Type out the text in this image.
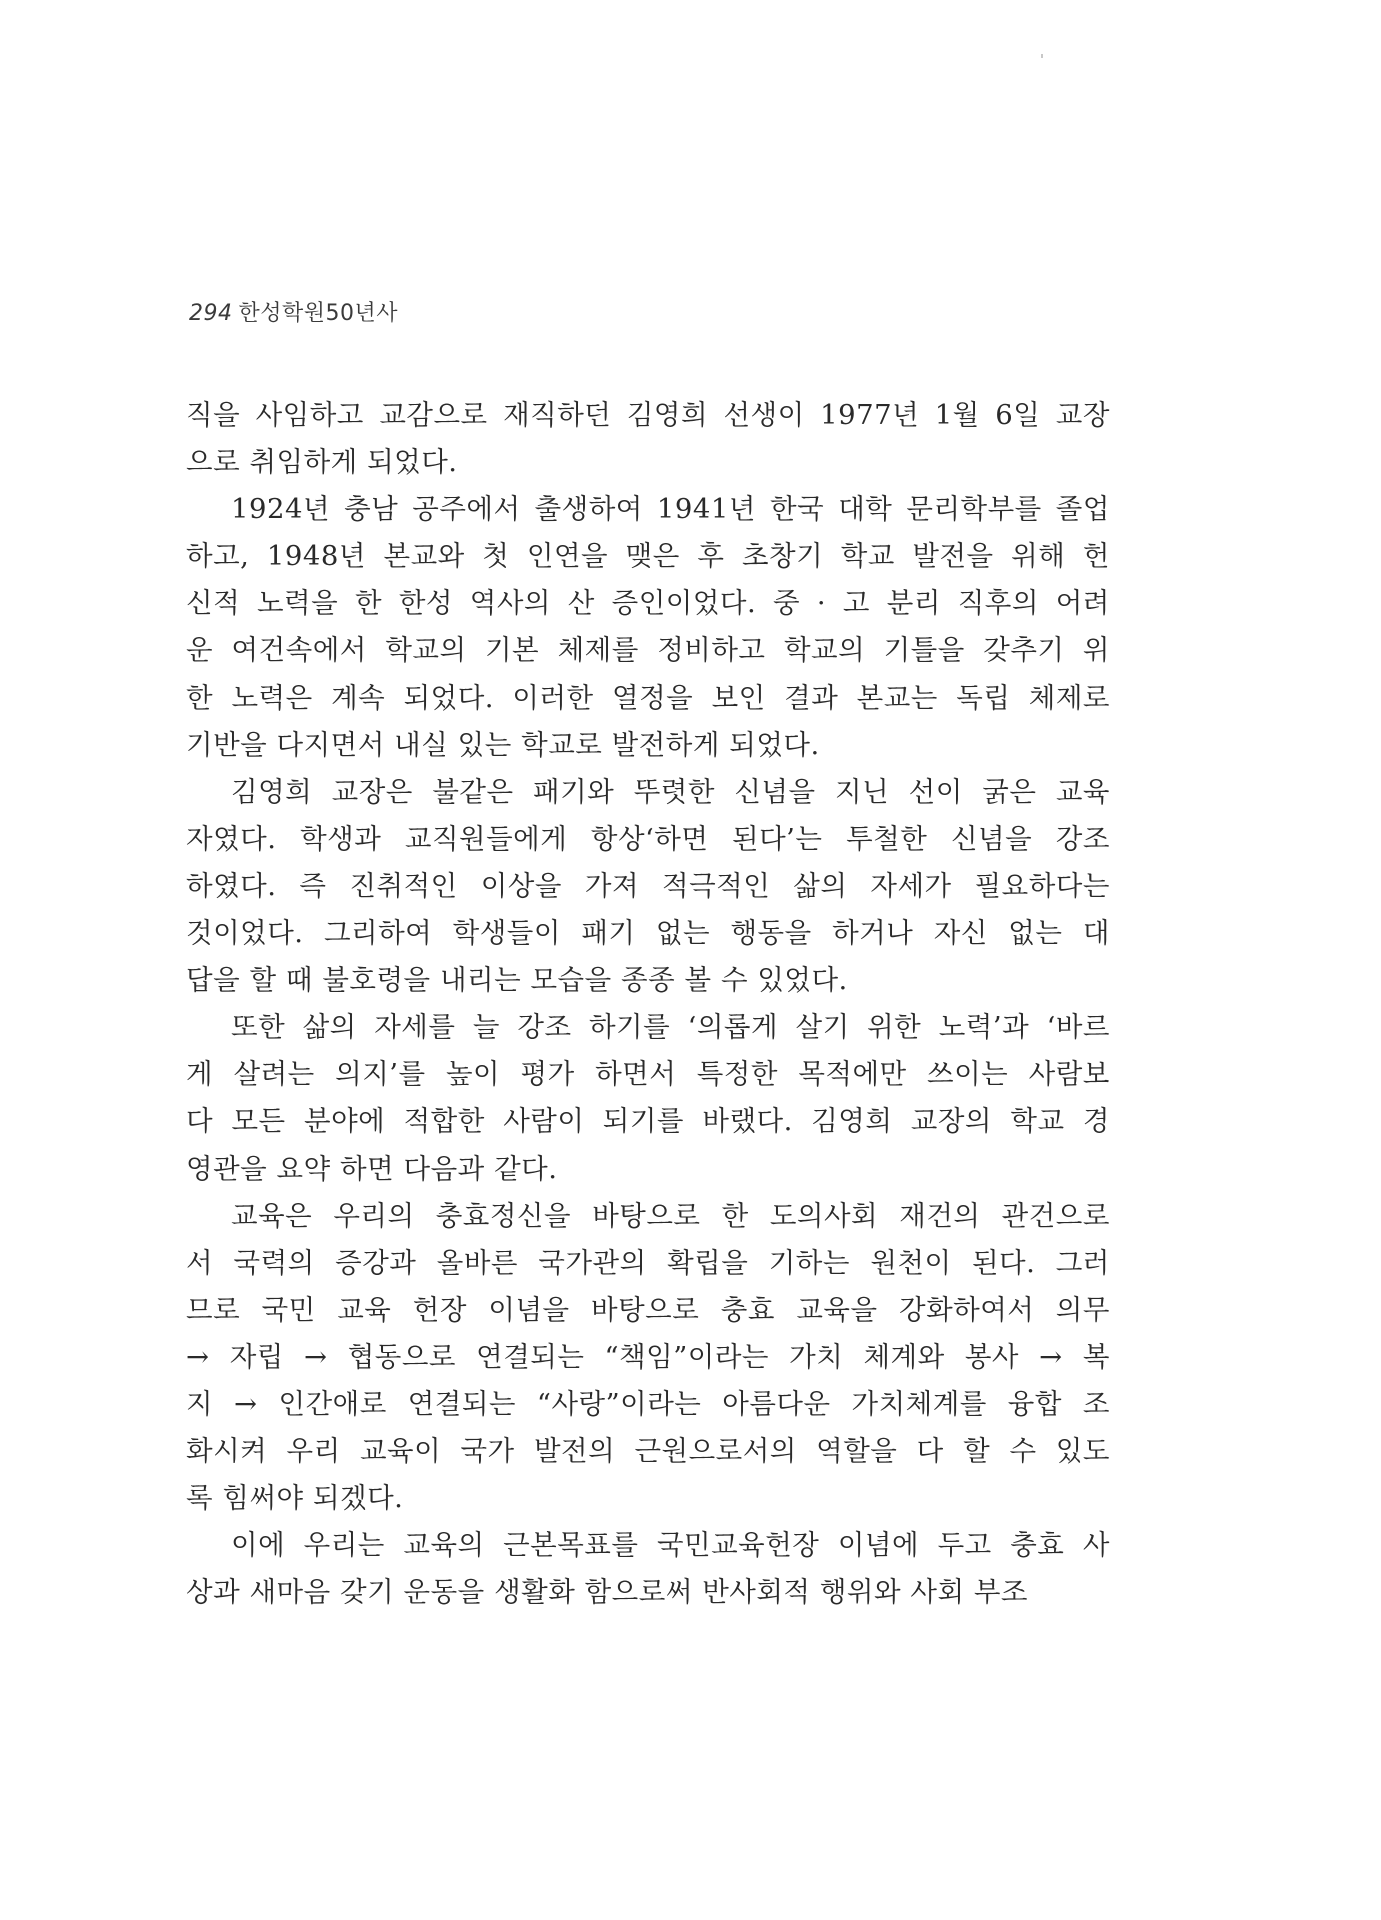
294 한성학원50년사
직을 사임하고 교감으로 재직하던 김영희 선생이 1977년 1월 6일 교장
으로 취임하게 되었다.
1924년 충남 공주에서 출생하여 1941년 한국 대학 문리학부를 졸업
하고, 1948년 본교와 첫 인연을 맺은 후 초창기 학교 발전을 위해 헌
신적 노력을 한 한성 역사의 산 증인이었다. 중 · 고 분리 직후의 어려
운 여건속에서 학교의 기본 체제를 정비하고 학교의 기틀을 갖추기 위
한 노력은 계속 되었다. 이러한 열정을 보인 결과 본교는 독립 체제로
기반을 다지면서 내실 있는 학교로 발전하게 되었다.
김영희 교장은 불같은 패기와 뚜렷한 신념을 지닌 선이 굵은 교육
자였다. 학생과 교직원들에게 항상‘하면 된다’는 투철한 신념을 강조
하였다. 즉 진취적인 이상을 가져 적극적인 삶의 자세가 필요하다는
것이었다. 그리하여 학생들이 패기 없는 행동을 하거나 자신 없는 대
답을 할 때 불호령을 내리는 모습을 종종 볼 수 있었다.
또한 삶의 자세를 늘 강조 하기를 ‘의롭게 살기 위한 노력’과 ‘바르
게 살려는 의지’를 높이 평가 하면서 특정한 목적에만 쓰이는 사람보
다 모든 분야에 적합한 사람이 되기를 바랬다. 김영희 교장의 학교 경
영관을 요약 하면 다음과 같다.
교육은 우리의 충효정신을 바탕으로 한 도의사회 재건의 관건으로
서 국력의 증강과 올바른 국가관의 확립을 기하는 원천이 된다. 그러
므로 국민 교육 헌장 이념을 바탕으로 충효 교육을 강화하여서 의무
→ 자립 → 협동으로 연결되는 “책임”이라는 가치 체계와 봉사 → 복
지 → 인간애로 연결되는 “사랑”이라는 아름다운 가치체계를 융합 조
화시켜 우리 교육이 국가 발전의 근원으로서의 역할을 다 할 수 있도
록 힘써야 되겠다.
이에 우리는 교육의 근본목표를 국민교육헌장 이념에 두고 충효 사
상과 새마음 갖기 운동을 생활화 함으로써 반사회적 행위와 사회 부조
